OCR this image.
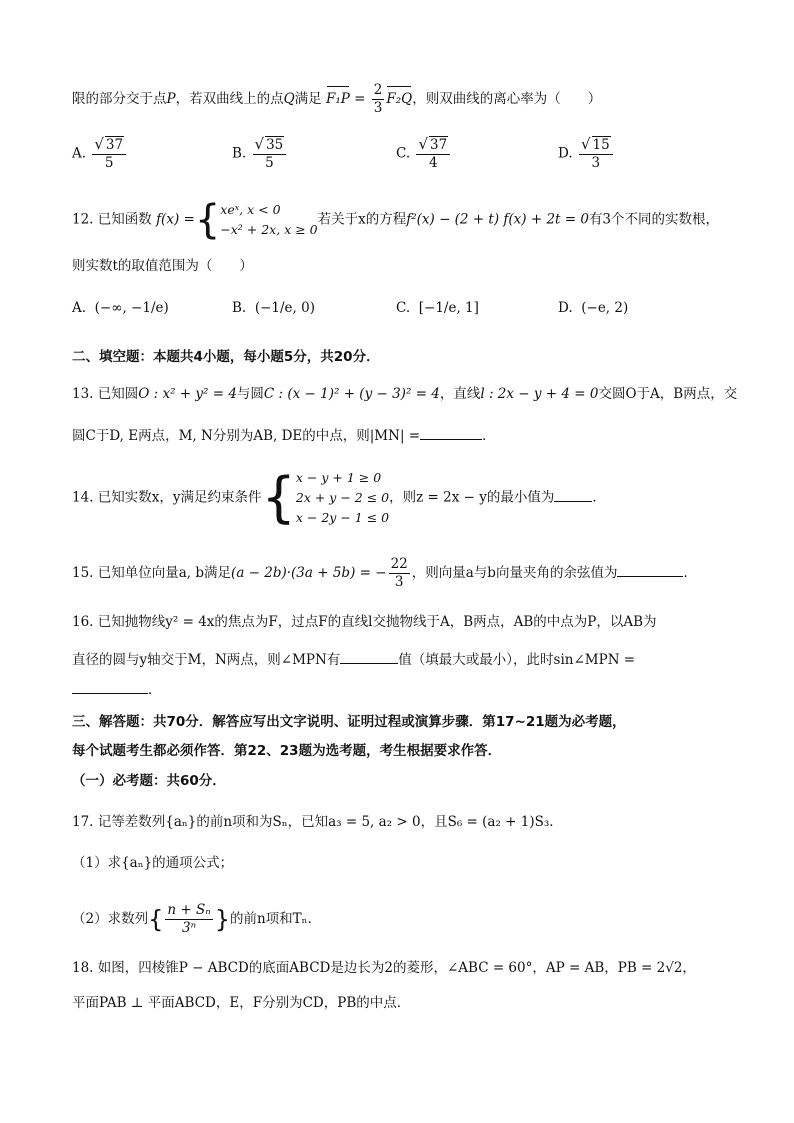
限的部分交于点P，若双曲线上的点Q满足 $F_1P = \frac{2}{3} F_2Q$，则双曲线的离心率为（　　）
A. $\frac{√ 37}{5}$	B. $\frac{√ 35}{5}$	C. $\frac{√ 37}{4}$	D. $\frac{√ 15}{3}$
12. 已知函数 f(x) ={ xeˣ, x < 0
−x² + 2x, x ≥ 0
若关于x的方程f²(x) − (2 + t) f(x) + 2t = 0有3个不同的实数根，
则实数t的取值范围为（　　）
A. (−∞, −1/e)	B. (−1/e, 0)	C. [−1/e, 1]	D. (−e, 2)
二、填空题：本题共4小题，每小题5分，共20分．
13. 已知圆O : x² + y² = 4与圆C : (x − 1)² + (y − 3)² = 4，直线l : 2x − y + 4 = 0交圆O于A，B两点，交
圆C于D, E两点，M, N分别为AB, DE的中点，则|MN| =	．
14. 已知实数x，y满足约束条件{ x − y + 1 ≥ 0
2x + y − 2 ≤ 0
x − 2y − 1 ≤ 0
，则z = 2x − y的最小值为	．
15. 已知单位向量a, b满足(a − 2b)·(3a + 5b) = − $\frac{22}{3}$ ，则向量a与b向量夹角的余弦值为	．
16. 已知抛物线y² = 4x的焦点为F，过点F的直线l交抛物线于A，B两点，AB的中点为P，以AB为
直径的圆与y轴交于M，N两点，则∠MPN有	值（填最大或最小），此时sin∠MPN =
．
三、解答题：共70分．解答应写出文字说明、证明过程或演算步骤．第17~21题为必考题，
每个试题考生都必须作答．第22、23题为选考题，考生根据要求作答．
（一）必考题：共60分．
17. 记等差数列{aₙ}的前n项和为Sₙ，已知a₃ = 5, a₂ > 0，且S₆ = (a₂ + 1)S₃．
（1）求{aₙ}的通项公式；
（2）求数列{ $\frac{\text{n + Sₙ}}{\text{3ⁿ}}$ }的前n项和Tₙ．
18. 如图，四棱锥P − ABCD的底面ABCD是边长为2的菱形，∠ABC = 60°，AP = AB，PB = 2√2，
平面PAB ⊥ 平面ABCD，E，F分别为CD，PB的中点．
